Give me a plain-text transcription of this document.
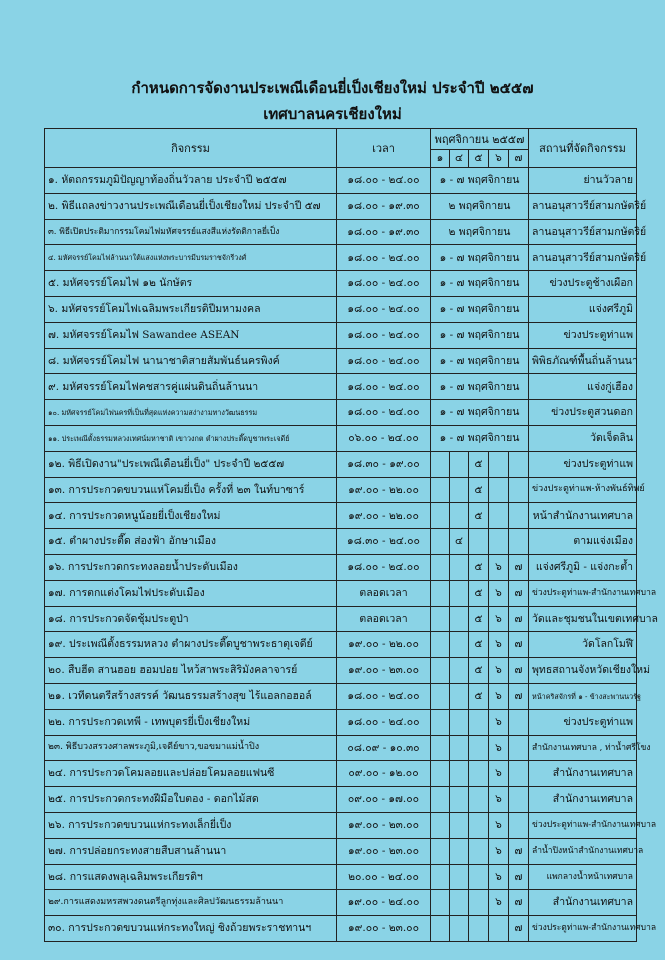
กำหนดการจัดงานประเพณีเดือนยี่เป็งเชียงใหม่ ประจำปี ๒๕๕๗
เทศบาลนครเชียงใหม่
กิจกรรม	เวลา	พฤศจิกายน ๒๕๕๗					สถานที่จัดกิจกรรม
		๑	๔	๕	๖	๗	
๑. หัตถกรรมภูมิปัญญาท้องถิ่นวัวลาย ประจำปี ๒๕๕๗	๑๘.๐๐ - ๒๔.๐๐	๑ - ๗ พฤศจิกายน					ย่านวัวลาย
๒. พิธีแถลงข่าวงานประเพณีเดือนยี่เป็งเชียงใหม่ ประจำปี ๕๗	๑๘.๐๐ - ๑๙.๓๐	๒ พฤศจิกายน					ลานอนุสาวรีย์สามกษัตริย์
๓. พิธีเปิดประติมากรรมโคมไฟมหัศจรรย์แสงสีแห่งรัตติกาลยี่เป็ง	๑๘.๐๐ - ๑๙.๓๐	๒ พฤศจิกายน					ลานอนุสาวรีย์สามกษัตริย์
๔. มหัศจรรย์โคมไฟล้านนาใต้แสงแห่งพระบารมีบรมราชจักรีวงศ์	๑๘.๐๐ - ๒๔.๐๐	๑ - ๗ พฤศจิกายน					ลานอนุสาวรีย์สามกษัตริย์
๕. มหัศจรรย์โคมไฟ ๑๒ นักษัตร	๑๘.๐๐ - ๒๔.๐๐	๑ - ๗ พฤศจิกายน					ข่วงประตูช้างเผือก
๖. มหัศจรรย์โคมไฟเฉลิมพระเกียรติปีมหามงคล	๑๘.๐๐ - ๒๔.๐๐	๑ - ๗ พฤศจิกายน					แจ่งศรีภูมิ
๗. มหัศจรรย์โคมไฟ Sawandee ASEAN	๑๘.๐๐ - ๒๔.๐๐	๑ - ๗ พฤศจิกายน					ข่วงประตูท่าแพ
๘. มหัศจรรย์โคมไฟ นานาชาติสายสัมพันธ์นครพิงค์	๑๘.๐๐ - ๒๔.๐๐	๑ - ๗ พฤศจิกายน					พิพิธภัณฑ์พื้นถิ่นล้านนา
๙. มหัศจรรย์โคมไฟคชสารคู่แผ่นดินถิ่นล้านนา	๑๘.๐๐ - ๒๔.๐๐	๑ - ๗ พฤศจิกายน					แจ่งกู่เฮือง
๑๐. มหัศจรรย์โคมไฟนครที่เป็นที่สุดแห่งความสง่างามทางวัฒนธรรม	๑๘.๐๐ - ๒๔.๐๐	๑ - ๗ พฤศจิกายน					ข่วงประตูสวนดอก
๑๑. ประเพณีตั้งธรรมหลวงเทศน์มหาชาติ เขาวงกต ตำผางประตี๊ดบูชาพระเจดีย์	๐๖.๐๐ - ๒๔.๐๐	๑ - ๗ พฤศจิกายน					วัดเจ็ดลิน
๑๒. พิธีเปิดงาน"ประเพณีเดือนยี่เป็ง" ประจำปี ๒๕๕๗	๑๘.๓๐ - ๑๙.๐๐			๕			ข่วงประตูท่าแพ
๑๓. การประกวดขบวนแห่โคมยี่เป็ง ครั้งที่ ๒๓ ในท์บาซาร์	๑๙.๐๐ - ๒๒.๐๐			๕			ข่วงประตูท่าแพ-ห้างพันธ์ทิพย์
๑๔. การประกวดหนูน้อยยี่เป็งเชียงใหม่	๑๙.๐๐ - ๒๒.๐๐			๕			หน้าสำนักงานเทศบาล
๑๕. ตำผางประตี๊ด ส่องฟ้า อักษาเมือง	๑๘.๓๐ - ๒๔.๐๐		๔				ตามแจ่งเมือง
๑๖. การประกวดกระทงลอยน้ำประดับเมือง	๑๘.๐๐ - ๒๔.๐๐			๕	๖	๗	แจ่งศรีภูมิ - แจ่งกะต้ำ
๑๗. การตกแต่งโคมไฟประดับเมือง	ตลอดเวลา			๕	๖	๗	ข่วงประตูท่าแพ-สำนักงานเทศบาล
๑๘. การประกวดจัดชุ้มประตูป่า	ตลอดเวลา			๕	๖	๗	วัดและชุมชนในเขตเทศบาล
๑๙. ประเพณีตั้งธรรมหลวง ตำผางประตี๊ดบูชาพระธาตุเจดีย์	๑๙.๐๐ - ๒๒.๐๐			๕	๖	๗	วัดโลกโมฬี
๒๐. สืบฮีต สานฮอย ฮอมปอย ไหว้สาพระสิริมังคลาจารย์	๑๙.๐๐ - ๒๓.๐๐			๕	๖	๗	พุทธสถานจังหวัดเชียงใหม่
๒๑. เวทีดนตรีสร้างสรรค์ วัฒนธรรมสร้างสุข ไร้แอลกอฮอล์	๑๘.๐๐ - ๒๔.๐๐			๕	๖	๗	หน้าคริสจักรที่ ๑ - ข้างสะพานนวรัฐ
๒๒. การประกวดเทพี - เทพบุตรยี่เป็งเชียงใหม่	๑๘.๐๐ - ๒๔.๐๐				๖		ข่วงประตูท่าแพ
๒๓. พิธีบวงสรวงศาลพระภูมิ,เจดีย์ขาว,ขอขมาแม่น้ำปิง	๐๘.๐๙ - ๑๐.๓๐				๖		สำนักงานเทศบาล , ท่าน้ำศรีโขง
๒๔. การประกวดโคมลอยและปล่อยโคมลอยแฟนซี	๐๙.๐๐ - ๑๒.๐๐				๖		สำนักงานเทศบาล
๒๕. การประกวดกระทงฝีมือใบตอง - ดอกไม้สด	๐๙.๐๐ - ๑๗.๐๐				๖		สำนักงานเทศบาล
๒๖. การประกวดขบวนแห่กระทงเล็กยี่เป็ง	๑๙.๐๐ - ๒๓.๐๐				๖		ข่วงประตูท่าแพ-สำนักงานเทศบาล
๒๗. การปล่อยกระทงสายสืบสานล้านนา	๑๙.๐๐ - ๒๓.๐๐				๖	๗	ลำน้ำปิงหน้าสำนักงานเทศบาล
๒๘. การแสดงพลุเฉลิมพระเกียรติฯ	๒๐.๐๐ - ๒๔.๐๐				๖	๗	แพกลางน้ำหน้าเทศบาล
๒๙.การแสดงมหรสพวงดนตรีลูกทุ่งและศิลปวัฒนธรรมล้านนา	๑๙.๐๐ - ๒๔.๐๐				๖	๗	สำนักงานเทศบาล
๓๐. การประกวดขบวนแห่กระทงใหญ่ ชิงถ้วยพระราชทานฯ	๑๙.๐๐ - ๒๓.๐๐					๗	ข่วงประตูท่าแพ-สำนักงานเทศบาล
